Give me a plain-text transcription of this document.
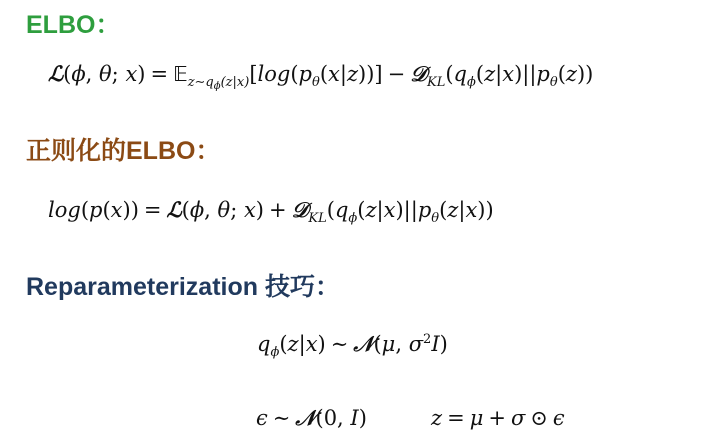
ELBO：
ℒ(ϕ, θ; $x) = 𝔼_{z\sim q_\phi(z|x)}[\log(p_\theta(x|z))]$ − $𝒟_{KL}(q_\phi(z|x)||p_\theta(z))$
正则化的ELBO：
log(p(x)) = ℒ(ϕ, θ; $x) + 𝒟_{KL}(q_\phi(z|x)||p_\theta(z|x))$
Reparameterization 技巧：
$q_\phi(z|x)$ ∼ 𝒩(μ, $\sigma^2I$)
ϵ ∼ 𝒩(0, I)	z = μ + σ ⊙ ϵ
